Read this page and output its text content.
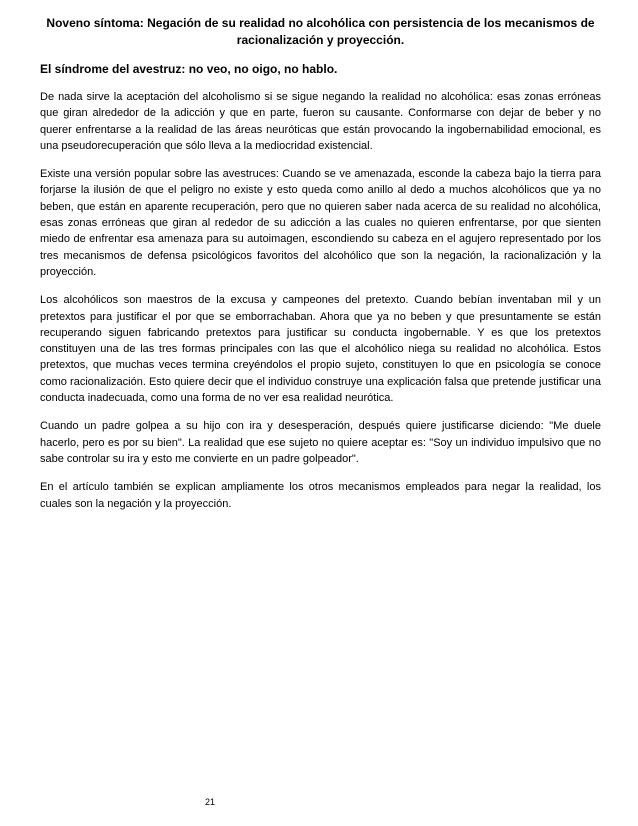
Noveno síntoma: Negación de su realidad no alcohólica con persistencia de los mecanismos de racionalización y proyección.
El síndrome del avestruz: no veo, no oigo, no hablo.

De nada sirve la aceptación del alcoholismo si se sigue negando la realidad no alcohólica: esas zonas erróneas que giran alrededor de la adicción y que en parte, fueron su causante. Conformarse con dejar de beber y no querer enfrentarse a la realidad de las áreas neuróticas que están provocando la ingobernabilidad emocional, es una pseudorecuperación que sólo lleva a la mediocridad existencial.

Existe una versión popular sobre las avestruces: Cuando se ve amenazada, esconde la cabeza bajo la tierra para forjarse la ilusión de que el peligro no existe y esto queda como anillo al dedo a muchos alcohólicos que ya no beben, que están en aparente recuperación, pero que no quieren saber nada acerca de su realidad no alcohólica, esas zonas erróneas que giran al rededor de su adicción a las cuales no quieren enfrentarse, por que sienten miedo de enfrentar esa amenaza para su autoimagen, escondiendo su cabeza en el agujero representado por los tres mecanismos de defensa psicológicos favoritos del alcohólico que son la negación, la racionalización y la proyección.

Los alcohólicos son maestros de la excusa y campeones del pretexto. Cuando bebían inventaban mil y un pretextos para justificar el por que se emborrachaban. Ahora que ya no beben y que presuntamente se están recuperando siguen fabricando pretextos para justificar su conducta ingobernable. Y es que los pretextos constituyen una de las tres formas principales con las que el alcohólico niega su realidad no alcohólica. Estos pretextos, que muchas veces termina creyéndolos el propio sujeto, constituyen lo que en psicología se conoce como racionalización. Esto quiere decir que el individuo construye una explicación falsa que pretende justificar una conducta inadecuada, como una forma de no ver esa realidad neurótica.

Cuando un padre golpea a su hijo con ira y desesperación, después quiere justificarse diciendo: "Me duele hacerlo, pero es por su bien". La realidad que ese sujeto no quiere aceptar es: "Soy un individuo impulsivo que no sabe controlar su ira y esto me convierte en un padre golpeador".

En el artículo también se explican ampliamente los otros mecanismos empleados para negar la realidad, los cuales son la negación y la proyección.

21
